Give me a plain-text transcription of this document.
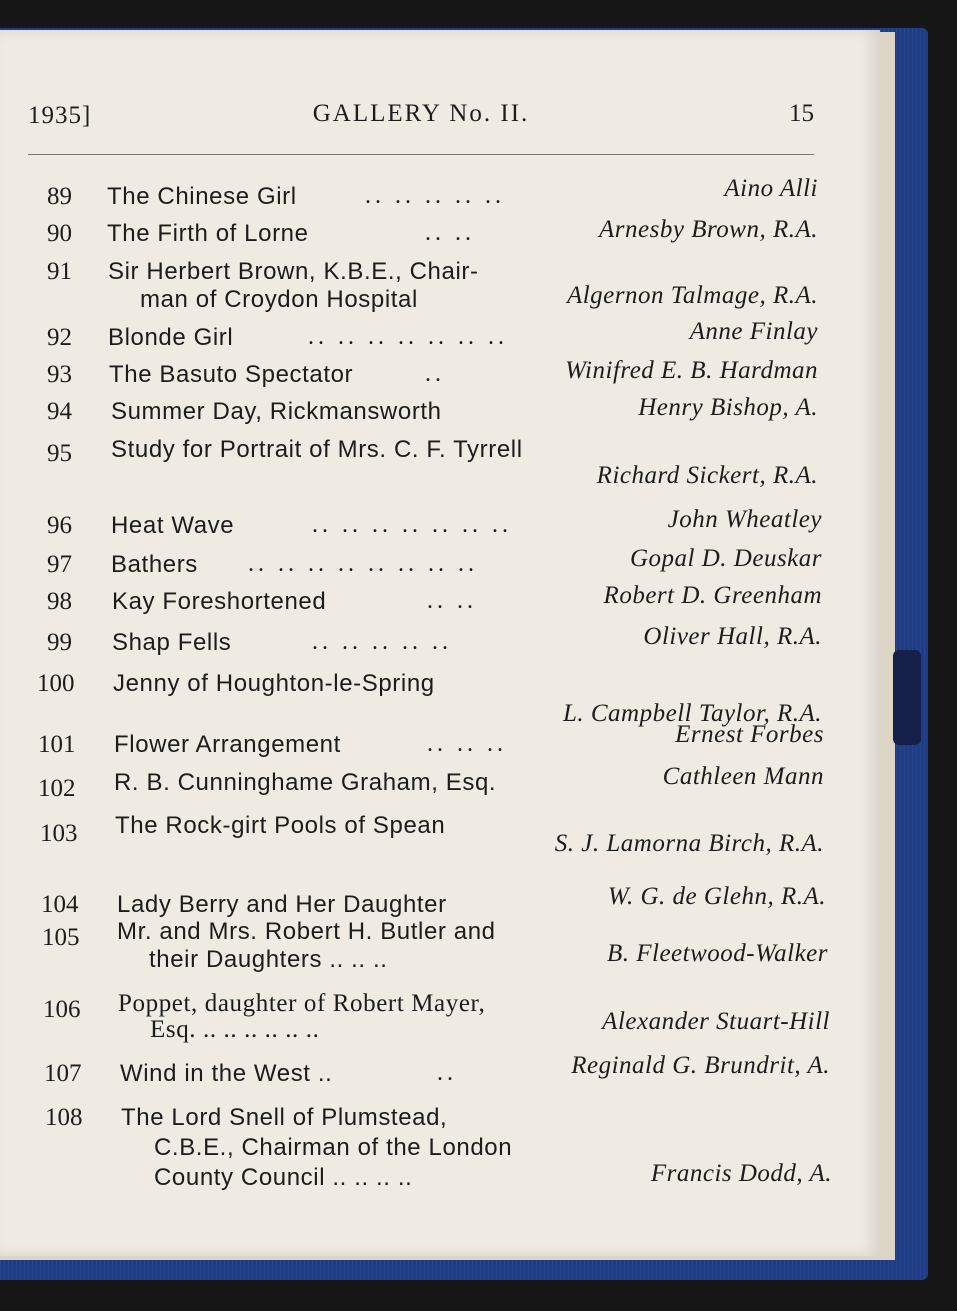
1935]	GALLERY No. II.	15
89 The Chinese Girl	.. .. .. .. ..	Aino Alli
90 The Firth of Lorne	.. ..	Arnesby Brown, R.A.
91 Sir Herbert Brown, K.B.E., Chair-
man of Croydon Hospital	Algernon Talmage, R.A.
92 Blonde Girl	.. .. .. .. .. .. ..	Anne Finlay
93 The Basuto Spectator	..	Winifred E. B. Hardman
94 Summer Day, Rickmansworth	Henry Bishop, A.
95 Study for Portrait of Mrs. C. F. Tyrrell
Richard Sickert, R.A.
96 Heat Wave	.. .. .. .. .. .. ..	John Wheatley
97 Bathers .. .. .. .. .. .. .. ..	Gopal D. Deuskar
98 Kay Foreshortened	.. ..	Robert D. Greenham
99 Shap Fells	.. .. .. .. ..	Oliver Hall, R.A.
100 Jenny of Houghton-le-Spring
L. Campbell Taylor, R.A.
101 Flower Arrangement	.. .. ..	Ernest Forbes
102 R. B. Cunninghame Graham, Esq.	Cathleen Mann
103 The Rock-girt Pools of Spean
S. J. Lamorna Birch, R.A.
104 Lady Berry and Her Daughter	W. G. de Glehn, R.A.
105 Mr. and Mrs. Robert H. Butler and
their Daughters .. .. ..	B. Fleetwood-Walker
106 Poppet, daughter of Robert Mayer,
Esq. .. .. .. .. .. ..	Alexander Stuart-Hill
107 Wind in the West ..	..	Reginald G. Brundrit, A.
108 The Lord Snell of Plumstead,
C.B.E., Chairman of the London
County Council .. .. .. ..	Francis Dodd, A.
